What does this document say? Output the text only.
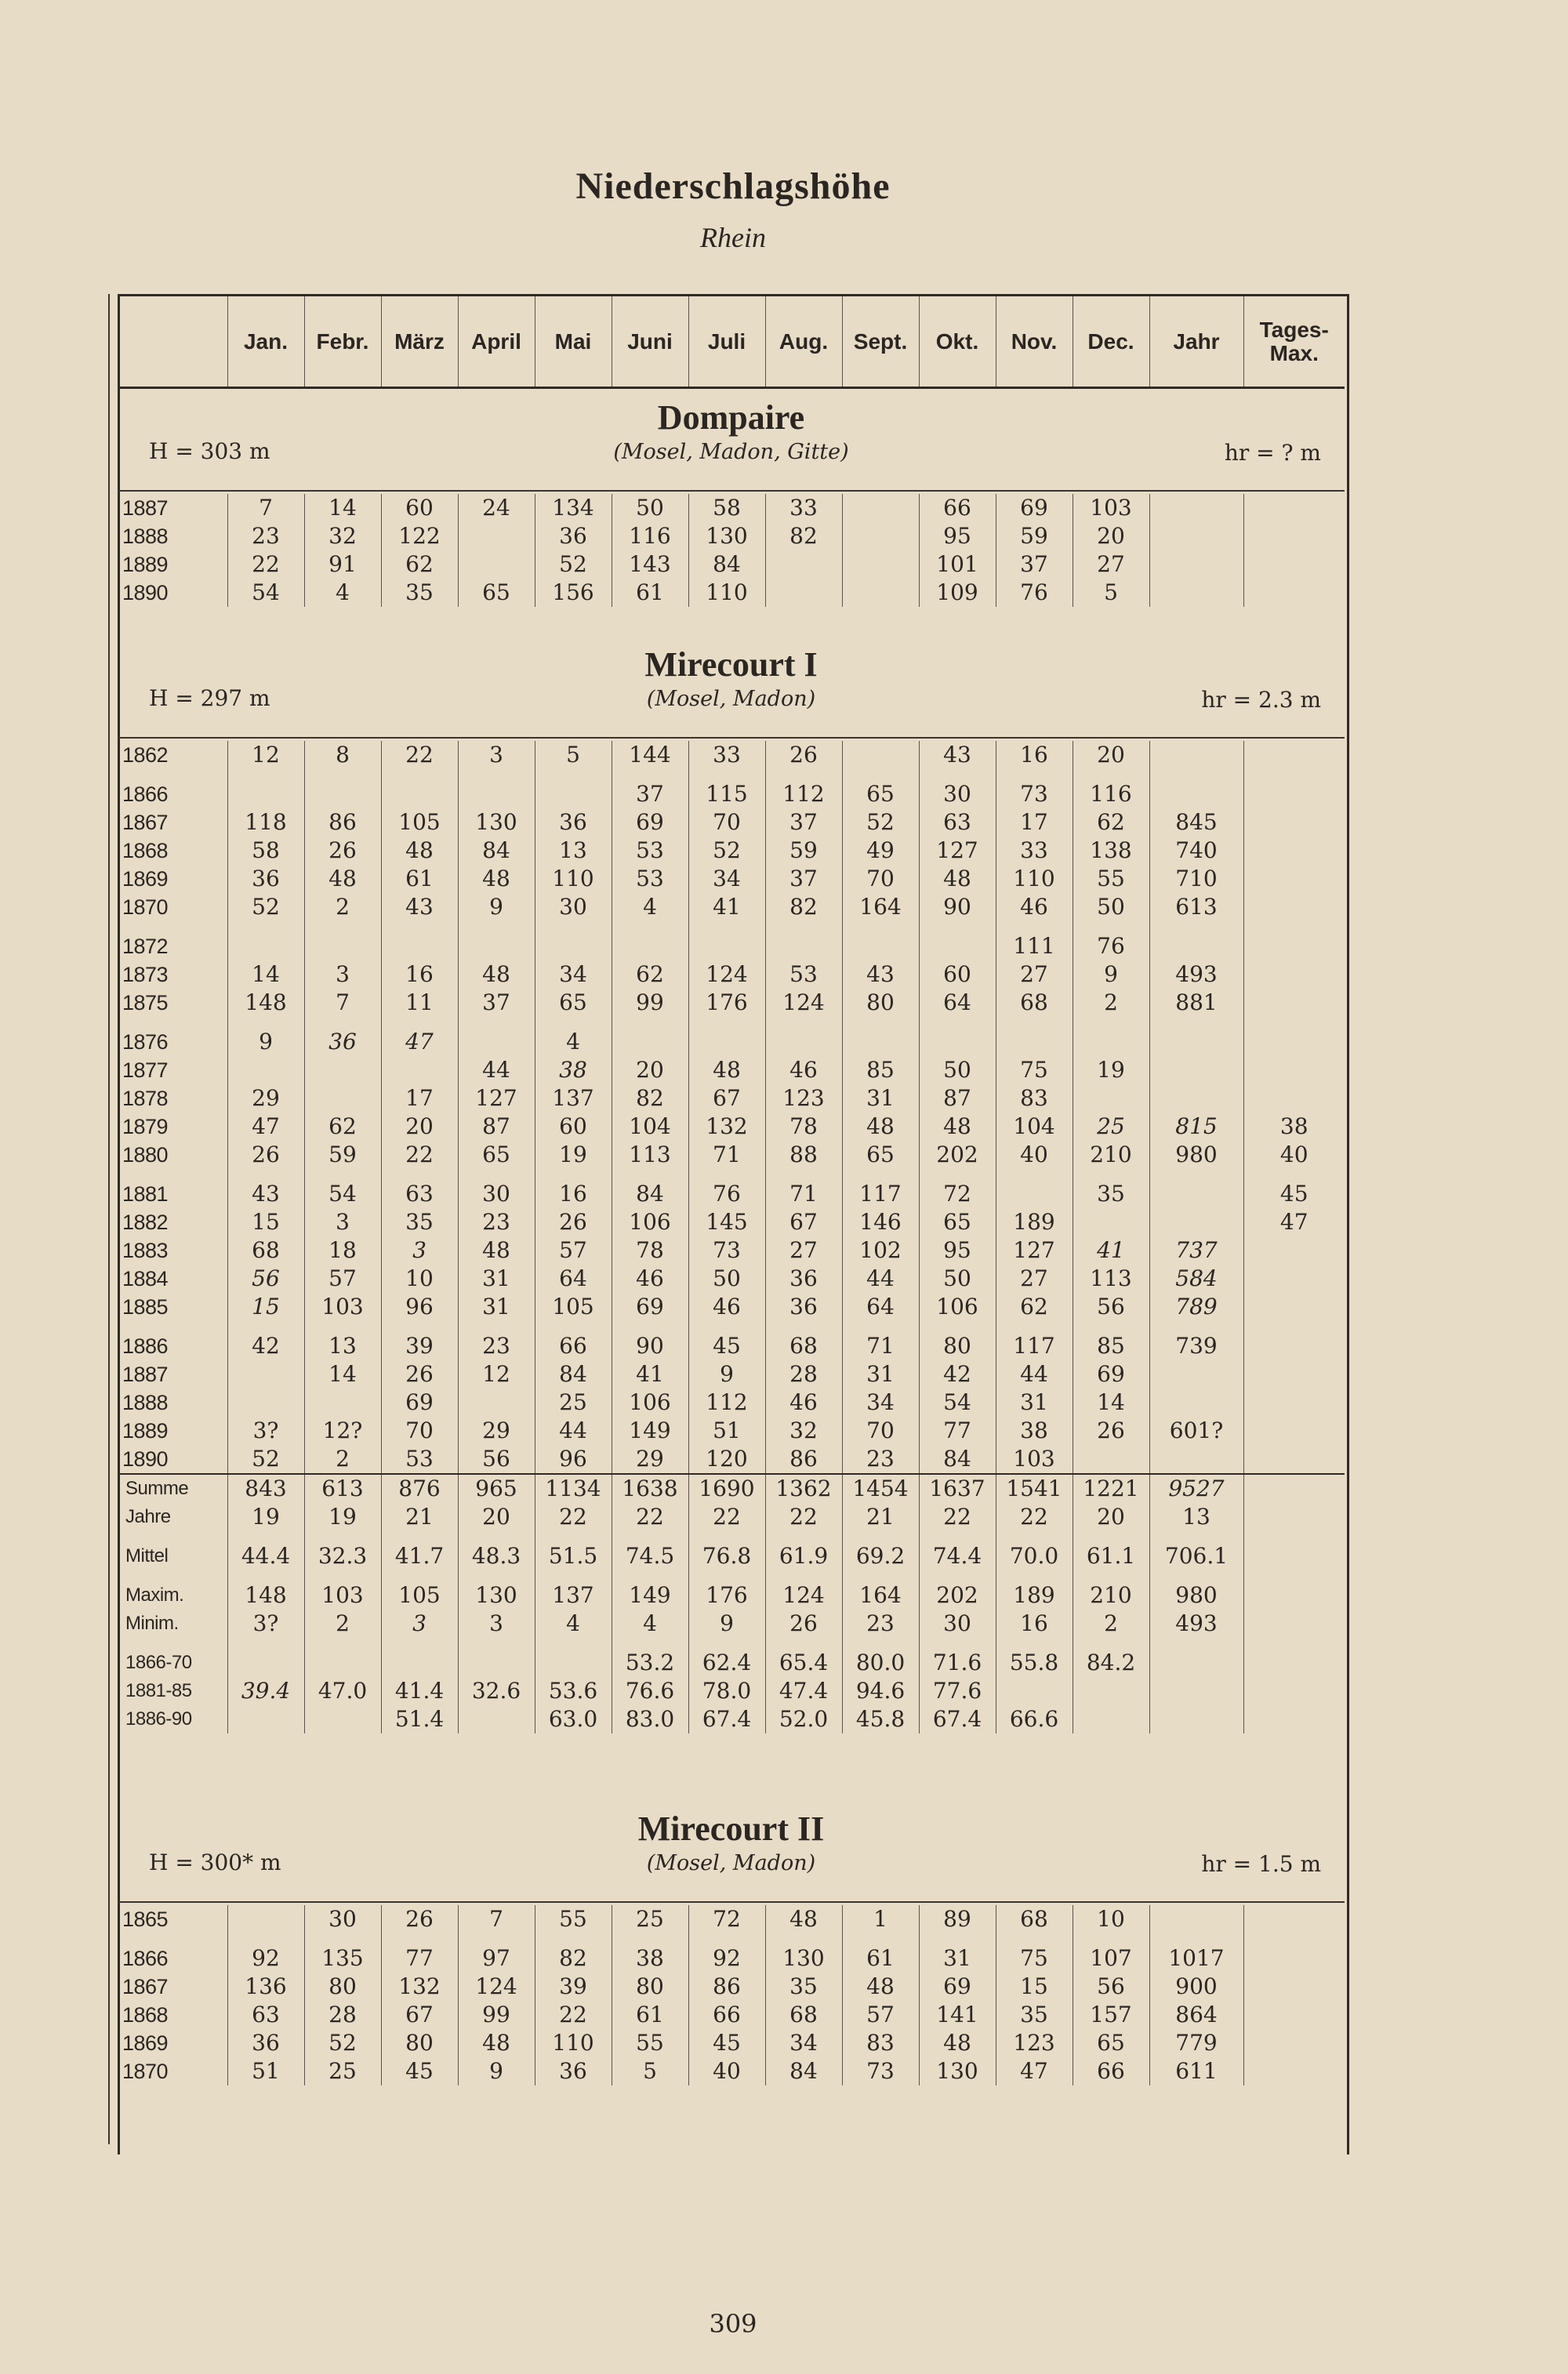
Niederschlagshöhe
Rhein
	Jan.	Febr.	März	April	Mai	Juni	Juli	Aug.	Sept.	Okt.	Nov.	Dec.	Jahr	Tages-Max.
Dompaire
(Mosel, Madon, Gitte)
H = 303 m	hr = ? m
1887	7	14	60	24	134	50	58	33		66	69	103		
1888	23	32	122		36	116	130	82		95	59	20		
1889	22	91	62		52	143	84			101	37	27		
1890	54	4	35	65	156	61	110			109	76	5		
Mirecourt I
(Mosel, Madon)
H = 297 m	hr = 2.3 m
1862	12	8	22	3	5	144	33	26		43	16	20		

1866						37	115	112	65	30	73	116		
1867	118	86	105	130	36	69	70	37	52	63	17	62	845	
1868	58	26	48	84	13	53	52	59	49	127	33	138	740	
1869	36	48	61	48	110	53	34	37	70	48	110	55	710	
1870	52	2	43	9	30	4	41	82	164	90	46	50	613	

1872											111	76		
1873	14	3	16	48	34	62	124	53	43	60	27	9	493	
1875	148	7	11	37	65	99	176	124	80	64	68	2	881	

1876	9	36	47		4									
1877				44	38	20	48	46	85	50	75	19		
1878	29		17	127	137	82	67	123	31	87	83			
1879	47	62	20	87	60	104	132	78	48	48	104	25	815	38
1880	26	59	22	65	19	113	71	88	65	202	40	210	980	40

1881	43	54	63	30	16	84	76	71	117	72		35		45
1882	15	3	35	23	26	106	145	67	146	65	189			47
1883	68	18	3	48	57	78	73	27	102	95	127	41	737	
1884	56	57	10	31	64	46	50	36	44	50	27	113	584	
1885	15	103	96	31	105	69	46	36	64	106	62	56	789	

1886	42	13	39	23	66	90	45	68	71	80	117	85	739	
1887		14	26	12	84	41	9	28	31	42	44	69		
1888			69		25	106	112	46	34	54	31	14		
1889	3?	12?	70	29	44	149	51	32	70	77	38	26	601?	
1890	52	2	53	56	96	29	120	86	23	84	103			
Summe	843	613	876	965	1134	1638	1690	1362	1454	1637	1541	1221	9527	
Jahre	19	19	21	20	22	22	22	22	21	22	22	20	13	

Mittel	44.4	32.3	41.7	48.3	51.5	74.5	76.8	61.9	69.2	74.4	70.0	61.1	706.1	

Maxim.	148	103	105	130	137	149	176	124	164	202	189	210	980	
Minim.	3?	2	3	3	4	4	9	26	23	30	16	2	493	

1866-70						53.2	62.4	65.4	80.0	71.6	55.8	84.2		
1881-85	39.4	47.0	41.4	32.6	53.6	76.6	78.0	47.4	94.6	77.6				
1886-90			51.4		63.0	83.0	67.4	52.0	45.8	67.4	66.6			
Mirecourt II
(Mosel, Madon)
H = 300* m	hr = 1.5 m
1865		30	26	7	55	25	72	48	1	89	68	10		

1866	92	135	77	97	82	38	92	130	61	31	75	107	1017	
1867	136	80	132	124	39	80	86	35	48	69	15	56	900	
1868	63	28	67	99	22	61	66	68	57	141	35	157	864	
1869	36	52	80	48	110	55	45	34	83	48	123	65	779	
1870	51	25	45	9	36	5	40	84	73	130	47	66	611	
309
